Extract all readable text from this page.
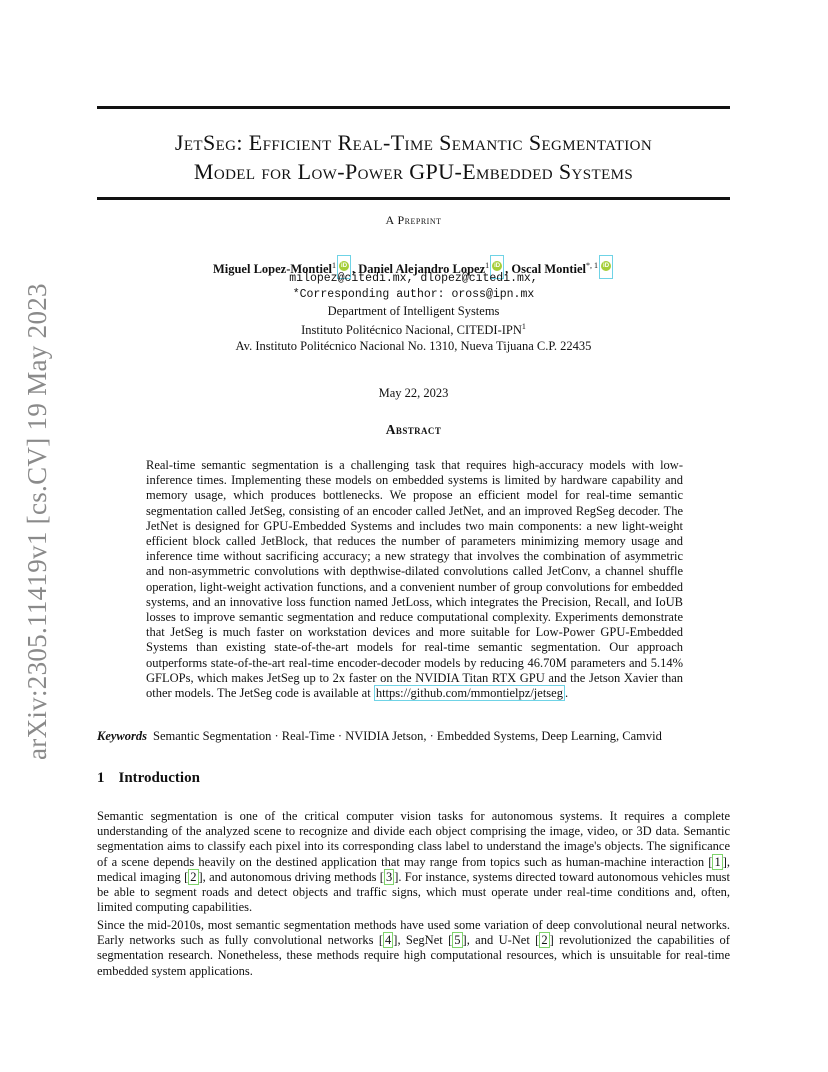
arXiv:2305.11419v1 [cs.CV] 19 May 2023
JetSeg: Efficient Real-Time Semantic Segmentation
Model for Low-Power GPU-Embedded Systems
A Preprint
Miguel Lopez-Montiel$^1$ iD , Daniel Alejandro Lopez$^1$ iD , Oscal Montiel$^{*, 1}$ iD
milopez@citedi.mx, dlopez@citedi.mx,
*Corresponding author: oross@ipn.mx
Department of Intelligent Systems
Instituto Politécnico Nacional, CITEDI-IPN$^1$
Av. Instituto Politécnico Nacional No. 1310, Nueva Tijuana C.P. 22435
May 22, 2023
Abstract
Real-time semantic segmentation is a challenging task that requires high-accuracy models with low-inference times. Implementing these models on embedded systems is limited by hardware capability and memory usage, which produces bottlenecks. We propose an efficient model for real-time semantic segmentation called JetSeg, consisting of an encoder called JetNet, and an improved RegSeg decoder. The JetNet is designed for GPU-Embedded Systems and includes two main components: a new light-weight efficient block called JetBlock, that reduces the number of parameters minimizing memory usage and inference time without sacrificing accuracy; a new strategy that involves the combination of asymmetric and non-asymmetric convolutions with depthwise-dilated convolutions called JetConv, a channel shuffle operation, light-weight activation functions, and a convenient number of group convolutions for embedded systems, and an innovative loss function named JetLoss, which integrates the Precision, Recall, and IoUB losses to improve semantic segmentation and reduce computational complexity. Experiments demonstrate that JetSeg is much faster on workstation devices and more suitable for Low-Power GPU-Embedded Systems than existing state-of-the-art models for real-time semantic segmentation. Our approach outperforms state-of-the-art real-time encoder-decoder models by reducing 46.70M parameters and 5.14% GFLOPs, which makes JetSeg up to 2x faster on the NVIDIA Titan RTX GPU and the Jetson Xavier than other models. The JetSeg code is available at https://github.com/mmontielpz/jetseg .
Keywords Semantic Segmentation · Real-Time · NVIDIA Jetson, · Embedded Systems, Deep Learning, Camvid
1 Introduction
Semantic segmentation is one of the critical computer vision tasks for autonomous systems. It requires a complete understanding of the analyzed scene to recognize and divide each object comprising the image, video, or 3D data. Semantic segmentation aims to classify each pixel into its corresponding class label to understand the image's objects. The significance of a scene depends heavily on the destined application that may range from topics such as human-machine interaction [ 1 ], medical imaging [ 2 ], and autonomous driving methods [ 3 ]. For instance, systems directed toward autonomous vehicles must be able to segment roads and detect objects and traffic signs, which must operate under real-time conditions and, often, limited computing capabilities.
Since the mid-2010s, most semantic segmentation methods have used some variation of deep convolutional neural networks. Early networks such as fully convolutional networks [ 4 ], SegNet [ 5 ], and U-Net [ 2 ] revolutionized the capabilities of segmentation research. Nonetheless, these methods require high computational resources, which is unsuitable for real-time embedded system applications.
